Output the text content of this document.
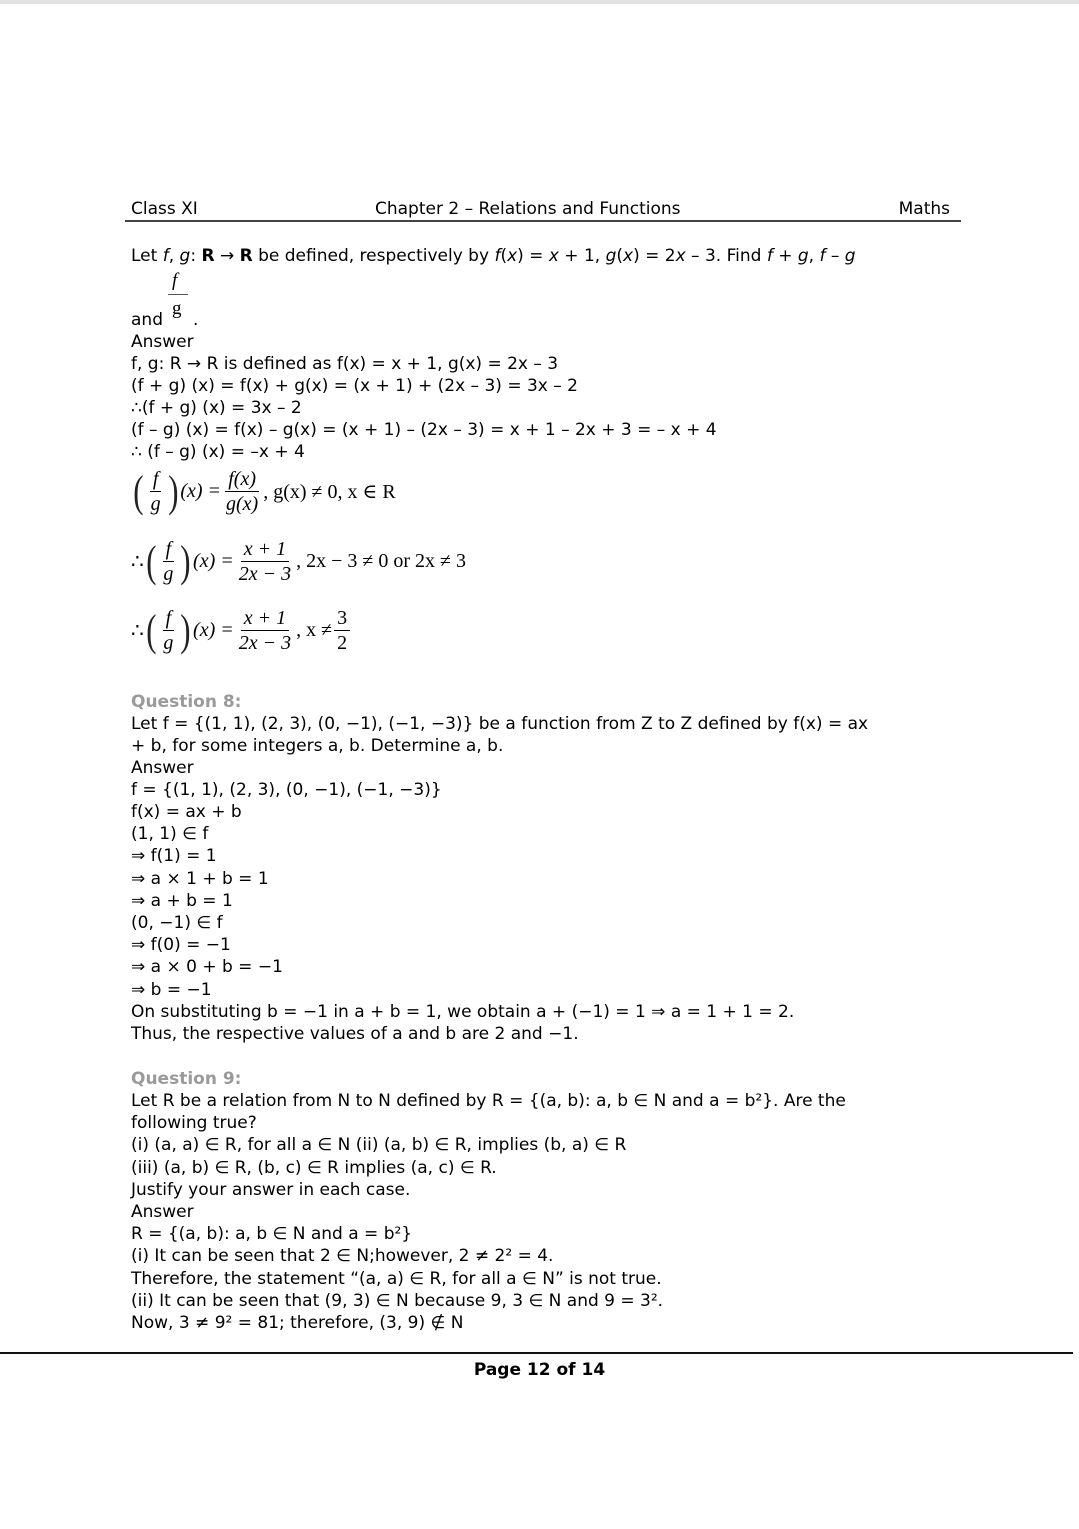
Class XI	Chapter 2 – Relations and Functions	Maths
Let f, g: R → R be defined, respectively by f(x) = x + 1, g(x) = 2x – 3. Find f + g, f – g
f
g
and .
Answer
f, g: R → R is defined as f(x) = x + 1, g(x) = 2x – 3
(f + g) (x) = f(x) + g(x) = (x + 1) + (2x – 3) = 3x – 2
∴(f + g) (x) = 3x – 2
(f – g) (x) = f(x) – g(x) = (x + 1) – (2x – 3) = x + 1 – 2x + 3 = – x + 4
∴ (f – g) (x) = –x + 4
( $\frac{f}{g}$ ) $(x) = \frac{f(x)}{g(x)}$ , g(x) ≠ 0, x ∈ R
∴ ( $\frac{f}{g}$ ) $(x) = \frac{x + 1}{2x - 3}$ , 2x − 3 ≠ 0 or 2x ≠ 3
∴ ( $\frac{f}{g}$ ) $(x) = \frac{x + 1}{2x - 3}$ , $x \ne \frac{3}{2}$
Question 8:
Let f = {(1, 1), (2, 3), (0, −1), (−1, −3)} be a function from Z to Z defined by f(x) = ax
+ b, for some integers a, b. Determine a, b.
Answer
f = {(1, 1), (2, 3), (0, −1), (−1, −3)}
f(x) = ax + b
(1, 1) ∈ f
⇒ f(1) = 1
⇒ a × 1 + b = 1
⇒ a + b = 1
(0, −1) ∈ f
⇒ f(0) = −1
⇒ a × 0 + b = −1
⇒ b = −1
On substituting b = −1 in a + b = 1, we obtain a + (−1) = 1 ⇒ a = 1 + 1 = 2.
Thus, the respective values of a and b are 2 and −1.
Question 9:
Let R be a relation from N to N defined by R = {(a, b): a, b ∈ N and a = b²}. Are the
following true?
(i) (a, a) ∈ R, for all a ∈ N (ii) (a, b) ∈ R, implies (b, a) ∈ R
(iii) (a, b) ∈ R, (b, c) ∈ R implies (a, c) ∈ R.
Justify your answer in each case.
Answer
R = {(a, b): a, b ∈ N and a = b²}
(i) It can be seen that 2 ∈ N;however, 2 ≠ 2² = 4.
Therefore, the statement “(a, a) ∈ R, for all a ∈ N” is not true.
(ii) It can be seen that (9, 3) ∈ N because 9, 3 ∈ N and 9 = 3².
Now, 3 ≠ 9² = 81; therefore, (3, 9) ∉ N
Page 12 of 14
